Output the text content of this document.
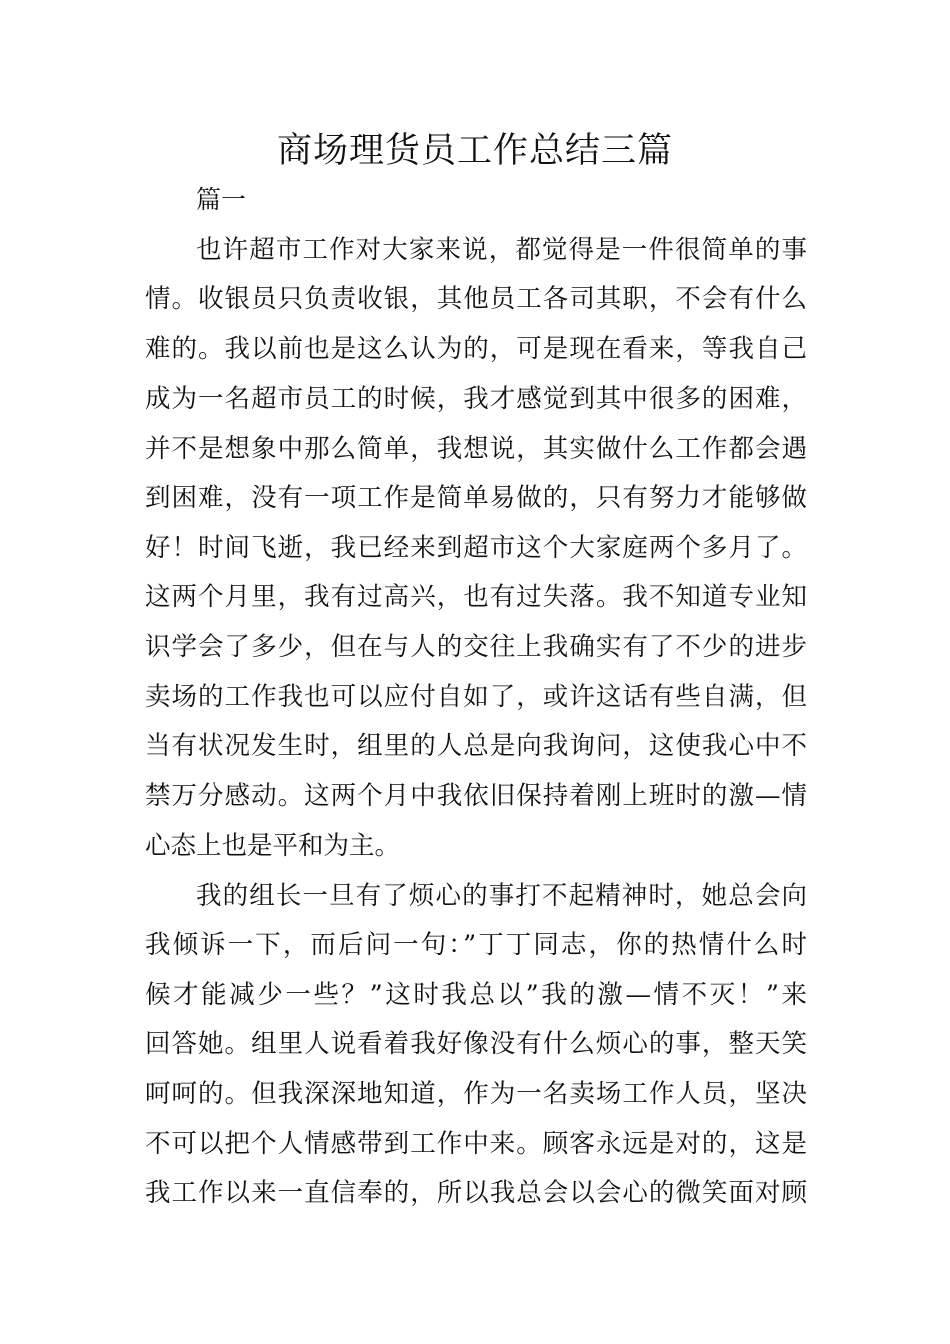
商场理货员工作总结三篇
篇一
也许超市工作对大家来说，都觉得是一件很简单的事
情。收银员只负责收银，其他员工各司其职，不会有什么
难的。我以前也是这么认为的，可是现在看来，等我自己
成为一名超市员工的时候，我才感觉到其中很多的困难，
并不是想象中那么简单，我想说，其实做什么工作都会遇
到困难，没有一项工作是简单易做的，只有努力才能够做
好！时间飞逝，我已经来到超市这个大家庭两个多月了。
这两个月里，我有过高兴，也有过失落。我不知道专业知
识学会了多少，但在与人的交往上我确实有了不少的进步
卖场的工作我也可以应付自如了，或许这话有些自满，但
当有状况发生时，组里的人总是向我询问，这使我心中不
禁万分感动。这两个月中我依旧保持着刚上班时的激—情
心态上也是平和为主。
我的组长一旦有了烦心的事打不起精神时，她总会向
我倾诉一下，而后问一句：”丁丁同志，你的热情什么时
候才能减少一些？”这时我总以”我的激—情不灭！”来
回答她。组里人说看着我好像没有什么烦心的事，整天笑
呵呵的。但我深深地知道，作为一名卖场工作人员，坚决
不可以把个人情感带到工作中来。顾客永远是对的，这是
我工作以来一直信奉的，所以我总会以会心的微笑面对顾
